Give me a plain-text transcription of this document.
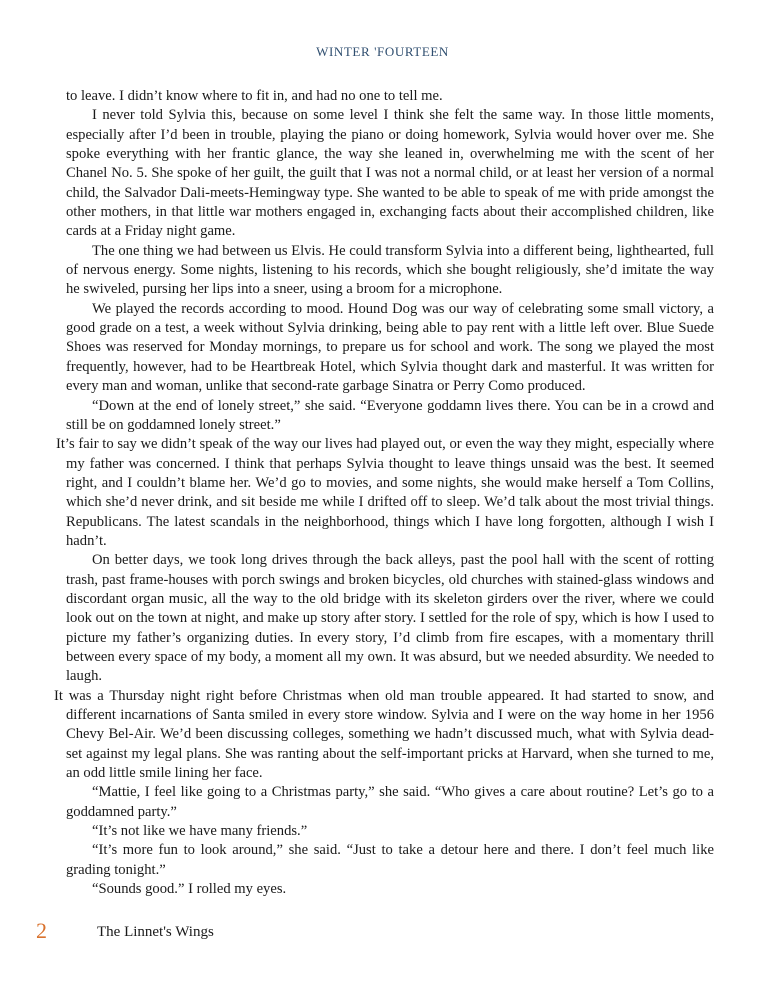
WINTER 'FOURTEEN

to leave. I didn’t know where to fit in, and had no one to tell me.

I never told Sylvia this, because on some level I think she felt the same way. In those little moments, especially after I’d been in trouble, playing the piano or doing homework, Sylvia would hover over me. She spoke everything with her frantic glance, the way she leaned in, overwhelming me with the scent of her Chanel No. 5. She spoke of her guilt, the guilt that I was not a normal child, or at least her version of a normal child, the Salvador Dali-meets-Hemingway type. She wanted to be able to speak of me with pride amongst the other mothers, in that little war mothers engaged in, exchanging facts about their accomplished children, like cards at a Friday night game.

The one thing we had between us Elvis. He could transform Sylvia into a different being, lighthearted, full of nervous energy. Some nights, listening to his records, which she bought religiously, she’d imitate the way he swiveled, pursing her lips into a sneer, using a broom for a microphone.

We played the records according to mood. Hound Dog was our way of celebrating some small victory, a good grade on a test, a week without Sylvia drinking, being able to pay rent with a little left over. Blue Suede Shoes was reserved for Monday mornings, to prepare us for school and work. The song we played the most frequently, however, had to be Heartbreak Hotel, which Sylvia thought dark and masterful. It was written for every man and woman, unlike that second-rate garbage Sinatra or Perry Como produced.

“Down at the end of lonely street,” she said. “Everyone goddamn lives there. You can be in a crowd and still be on goddamned lonely street.”

It’s fair to say we didn’t speak of the way our lives had played out, or even the way they might, especially where my father was concerned. I think that perhaps Sylvia thought to leave things unsaid was the best. It seemed right, and I couldn’t blame her. We’d go to movies, and some nights, she would make herself a Tom Collins, which she’d never drink, and sit beside me while I drifted off to sleep. We’d talk about the most trivial things. Republicans. The latest scandals in the neighborhood, things which I have long forgotten, although I wish I hadn’t.

On better days, we took long drives through the back alleys, past the pool hall with the scent of rotting trash, past frame-houses with porch swings and broken bicycles, old churches with stained-glass windows and discordant organ music, all the way to the old bridge with its skeleton girders over the river, where we could look out on the town at night, and make up story after story. I settled for the role of spy, which is how I used to picture my father’s organizing duties. In every story, I’d climb from fire escapes, with a momentary thrill between every space of my body, a moment all my own. It was absurd, but we needed absurdity. We needed to laugh.

It was a Thursday night right before Christmas when old man trouble appeared. It had started to snow, and different incarnations of Santa smiled in every store window. Sylvia and I were on the way home in her 1956 Chevy Bel-Air. We’d been discussing colleges, something we hadn’t discussed much, what with Sylvia dead-set against my legal plans. She was ranting about the self-important pricks at Harvard, when she turned to me, an odd little smile lining her face.

“Mattie, I feel like going to a Christmas party,” she said. “Who gives a care about routine? Let’s go to a goddamned party.”

“It’s not like we have many friends.”

“It’s more fun to look around,” she said. “Just to take a detour here and there. I don’t feel much like grading tonight.”

“Sounds good.” I rolled my eyes.

2	The Linnet's Wings
